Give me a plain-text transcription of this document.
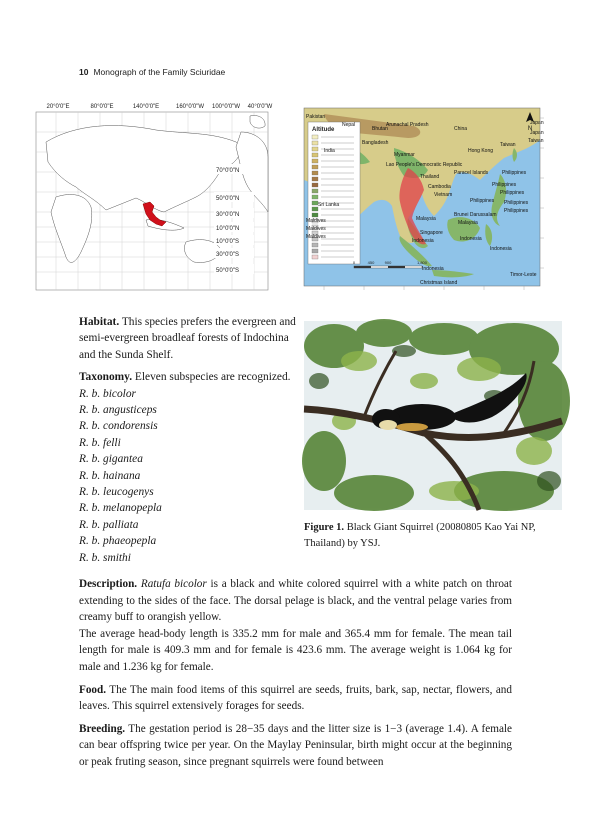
10 Monograph of the Family Sciuridae
20°0'0"E	80°0'0"E	140°0'0"E	160°0'0"W 100°0'0"W 40°0'0"W
70°0'0"N
50°0'0"N
30°0'0"N
10°0'0"N
10°0'0"S
30°0'0"S
50°0'0"S
Altitude	N
0	450	900	1,800
Pakistan
Nepal
Bhutan
Arunachal Pradesh
China
Japan
Japan
Taiwan
Taiwan
Bangladesh
India	Hong Kong
Myanmar
Lao People's Democratic Republic
Paracel Islands	Philippines
Thailand
Cambodia
Vietnam
Philippines
Philippines
Philippines Philippines
Philippines
Sri Lanka
Malaysia
Brunei Darussalam
Malaysia
Singapore
Indonesia	Indonesia
Indonesia
Indonesia
Timor-Leste
Christmas Island
Maldives
Maldives
Maldives
Figure 1. Black Giant Squirrel (20080805 Kao Yai NP, Thailand) by YSJ.

Habitat. This species prefers the evergreen and semi-evergreen broadleaf forests of Indochina and the Sunda Shelf.

Taxonomy. Eleven subspecies are recognized.

R. b. bicolor
R. b. angusticeps
R. b. condorensis
R. b. felli
R. b. gigantea
R. b. hainana
R. b. leucogenys
R. b. melanopepla
R. b. palliata
R. b. phaeopepla
R. b. smithi

Description. Ratufa bicolor is a black and white colored squirrel with a white patch on throat extending to the sides of the face. The dorsal pelage is black, and the ventral pelage varies from creamy buff to orangish yellow.

The average head-body length is 335.2 mm for male and 365.4 mm for female. The mean tail length for male is 409.3 mm and for female is 423.6 mm. The average weight is 1.064 kg for male and 1.236 kg for female.

Food. The The main food items of this squirrel are seeds, fruits, bark, sap, nectar, flowers, and leaves. This squirrel extensively forages for seeds.

Breeding. The gestation period is 28−35 days and the litter size is 1−3 (average 1.4). A female can bear offspring twice per year. On the Maylay Peninsular, birth might occur at the beginning or peak fruting season, since pregnant squirrels were found between
